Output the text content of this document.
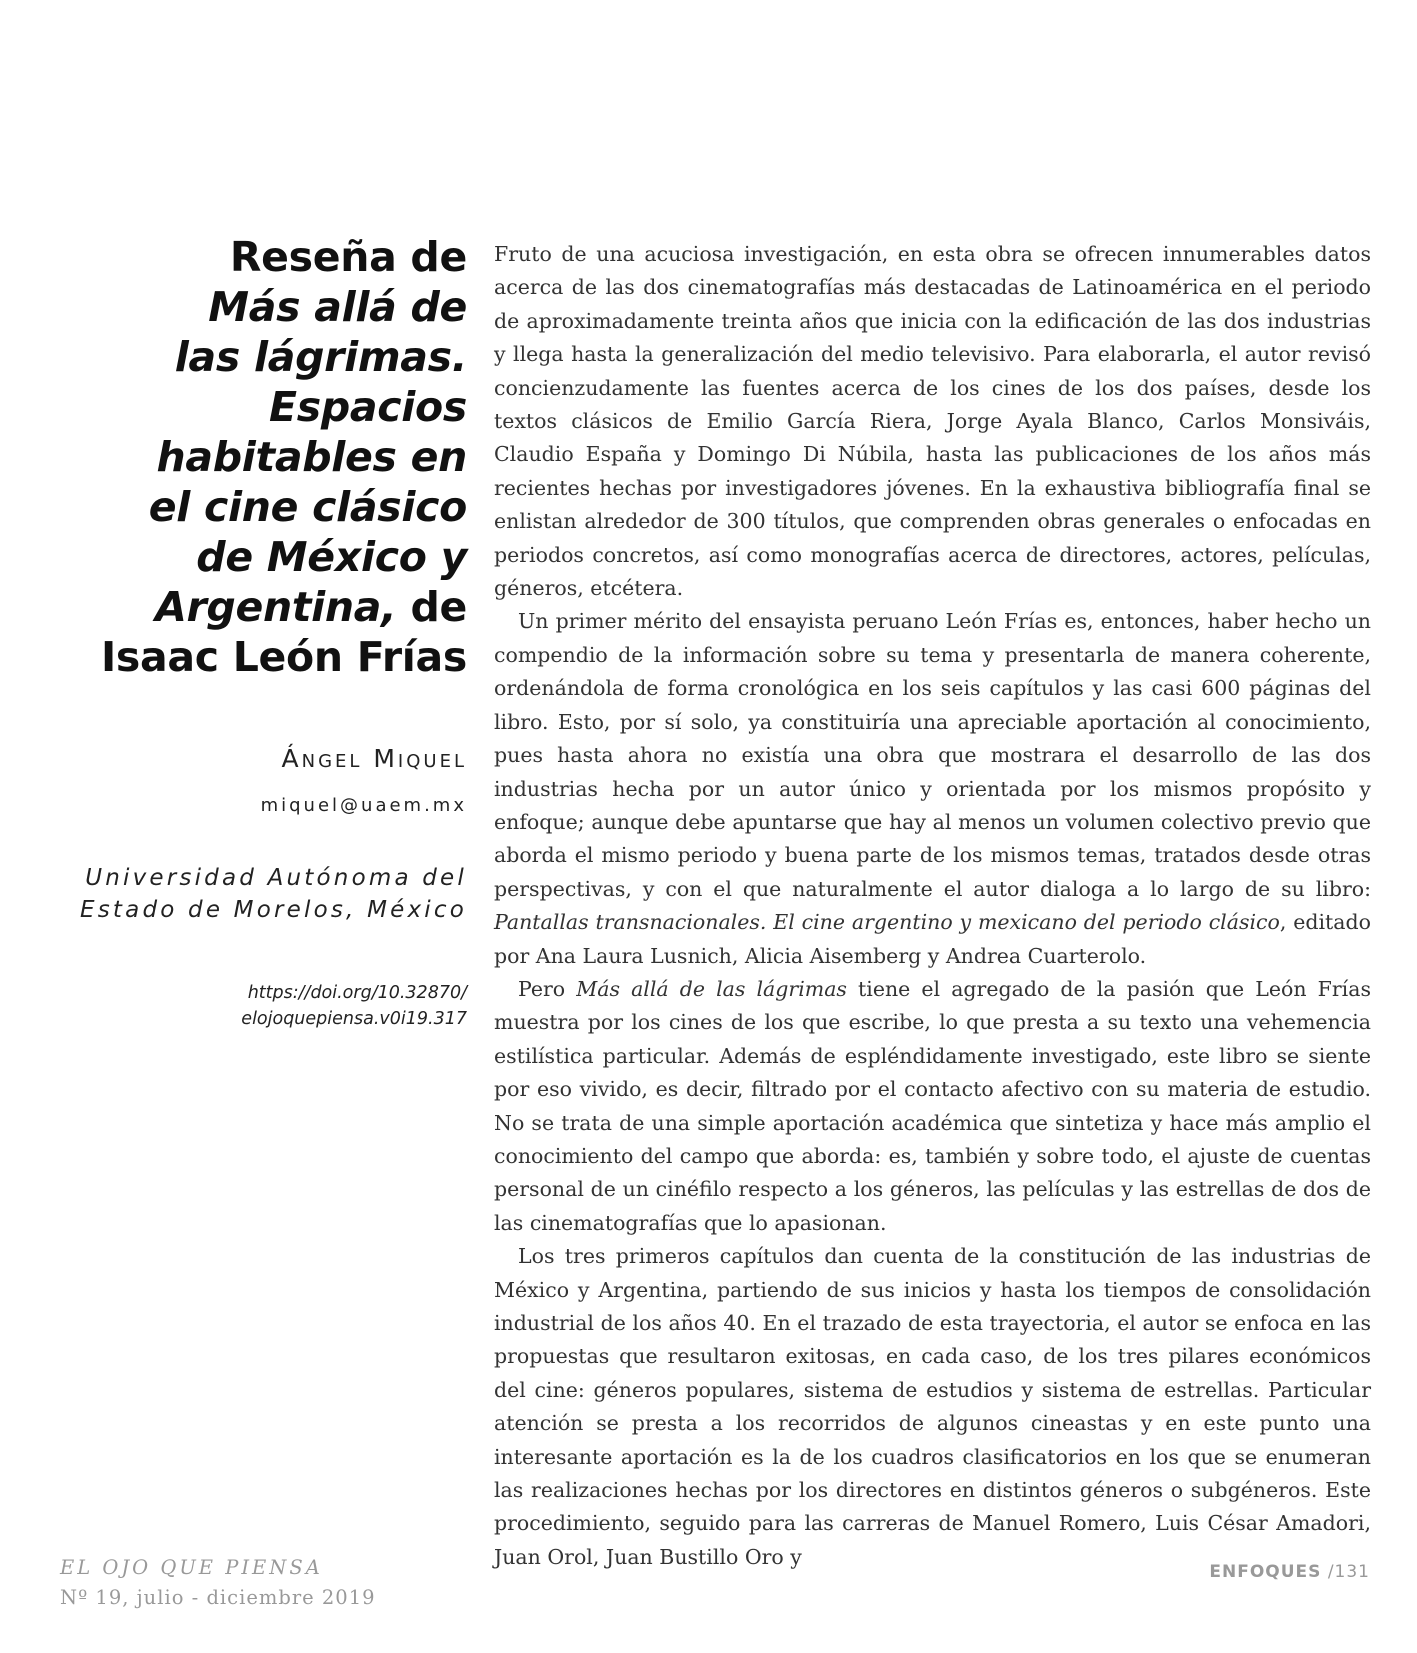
Reseña de
Más allá de
las lágrimas.
Espacios
habitables en
el cine clásico
de México y
Argentina, de
Isaac León Frías
Ángel Miquel
miquel@uaem.mx
Universidad Autónoma del Estado de Morelos, México
https://doi.org/10.32870/
elojoquepiensa.v0i19.317

Fruto de una acuciosa investigación, en esta obra se ofrecen innumerables datos acerca de las dos cinematografías más destacadas de Latinoamérica en el periodo de aproximadamente treinta años que inicia con la edificación de las dos industrias y llega hasta la generalización del medio televisivo. Para elaborarla, el autor revisó concienzudamente las fuentes acerca de los cines de los dos países, desde los textos clásicos de Emilio García Riera, Jorge Ayala Blanco, Carlos Monsiváis, Claudio España y Domingo Di Núbila, hasta las publicaciones de los años más recientes hechas por investigadores jóvenes. En la exhaustiva bibliografía final se enlistan alrededor de 300 títulos, que comprenden obras generales o enfocadas en periodos concretos, así como monografías acerca de directores, actores, películas, géneros, etcétera.

Un primer mérito del ensayista peruano León Frías es, entonces, haber hecho un compendio de la información sobre su tema y presentarla de manera coherente, ordenándola de forma cronológica en los seis capítulos y las casi 600 páginas del libro. Esto, por sí solo, ya constituiría una apreciable aportación al conocimiento, pues hasta ahora no existía una obra que mostrara el desarrollo de las dos industrias hecha por un autor único y orientada por los mismos propósito y enfoque; aunque debe apuntarse que hay al menos un volumen colectivo previo que aborda el mismo periodo y buena parte de los mismos temas, tratados desde otras perspectivas, y con el que naturalmente el autor dialoga a lo largo de su libro: Pantallas transnacionales. El cine argentino y mexicano del periodo clásico, editado por Ana Laura Lusnich, Alicia Aisemberg y Andrea Cuarterolo.

Pero Más allá de las lágrimas tiene el agregado de la pasión que León Frías muestra por los cines de los que escribe, lo que presta a su texto una vehemencia estilística particular. Además de espléndidamente investigado, este libro se siente por eso vivido, es decir, filtrado por el contacto afectivo con su materia de estudio. No se trata de una simple aportación académica que sintetiza y hace más amplio el conocimiento del campo que aborda: es, también y sobre todo, el ajuste de cuentas personal de un cinéfilo respecto a los géneros, las películas y las estrellas de dos de las cinematografías que lo apasionan.

Los tres primeros capítulos dan cuenta de la constitución de las industrias de México y Argentina, partiendo de sus inicios y hasta los tiempos de consolidación industrial de los años 40. En el trazado de esta trayectoria, el autor se enfoca en las propuestas que resultaron exitosas, en cada caso, de los tres pilares económicos del cine: géneros populares, sistema de estudios y sistema de estrellas. Particular atención se presta a los recorridos de algunos cineastas y en este punto una interesante aportación es la de los cuadros clasificatorios en los que se enumeran las realizaciones hechas por los directores en distintos géneros o subgéneros. Este procedimiento, seguido para las carreras de Manuel Romero, Luis César Amadori, Juan Orol, Juan Bustillo Oro y

EL OJO QUE PIENSA
Nº 19, julio - diciembre 2019
ENFOQUES /131
